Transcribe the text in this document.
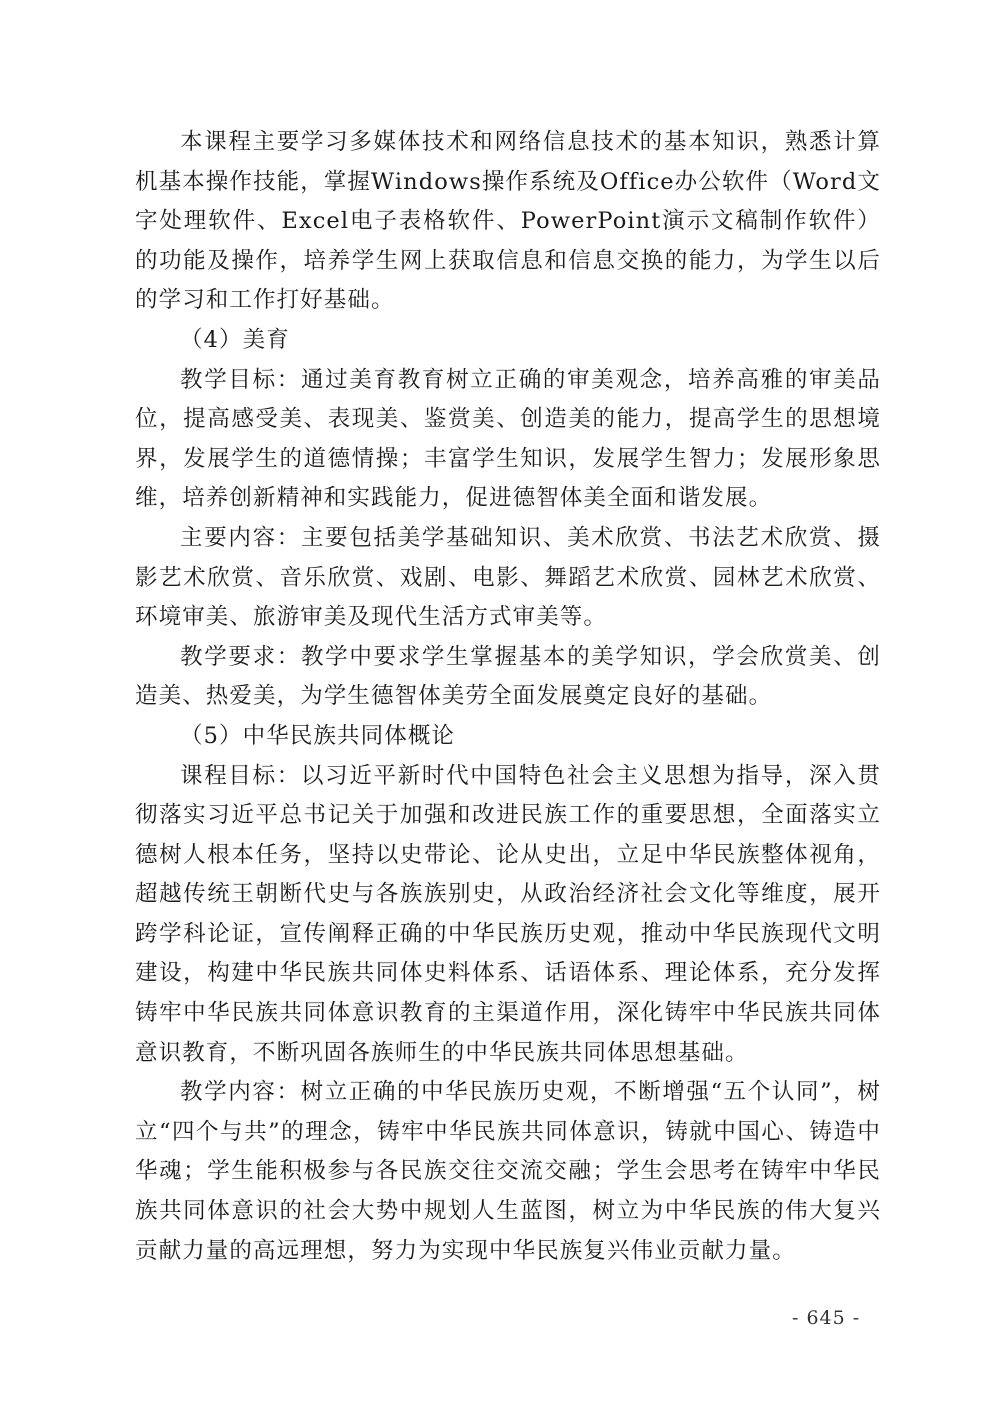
本课程主要学习多媒体技术和网络信息技术的基本知识，熟悉计算机基本操作技能，掌握Windows操作系统及Office办公软件（Word文字处理软件、Excel电子表格软件、PowerPoint演示文稿制作软件）的功能及操作，培养学生网上获取信息和信息交换的能力，为学生以后的学习和工作打好基础。

（4）美育

教学目标：通过美育教育树立正确的审美观念，培养高雅的审美品位，提高感受美、表现美、鉴赏美、创造美的能力，提高学生的思想境界，发展学生的道德情操；丰富学生知识，发展学生智力；发展形象思维，培养创新精神和实践能力，促进德智体美全面和谐发展。

主要内容：主要包括美学基础知识、美术欣赏、书法艺术欣赏、摄影艺术欣赏、音乐欣赏、戏剧、电影、舞蹈艺术欣赏、园林艺术欣赏、环境审美、旅游审美及现代生活方式审美等。

教学要求：教学中要求学生掌握基本的美学知识，学会欣赏美、创造美、热爱美，为学生德智体美劳全面发展奠定良好的基础。

（5）中华民族共同体概论

课程目标：以习近平新时代中国特色社会主义思想为指导，深入贯彻落实习近平总书记关于加强和改进民族工作的重要思想，全面落实立德树人根本任务，坚持以史带论、论从史出，立足中华民族整体视角，超越传统王朝断代史与各族族别史，从政治经济社会文化等维度，展开跨学科论证，宣传阐释正确的中华民族历史观，推动中华民族现代文明建设，构建中华民族共同体史料体系、话语体系、理论体系，充分发挥铸牢中华民族共同体意识教育的主渠道作用，深化铸牢中华民族共同体意识教育，不断巩固各族师生的中华民族共同体思想基础。

教学内容：树立正确的中华民族历史观，不断增强“五个认同”，树立“四个与共”的理念，铸牢中华民族共同体意识，铸就中国心、铸造中华魂；学生能积极参与各民族交往交流交融；学生会思考在铸牢中华民族共同体意识的社会大势中规划人生蓝图，树立为中华民族的伟大复兴贡献力量的高远理想，努力为实现中华民族复兴伟业贡献力量。

- 645 -
